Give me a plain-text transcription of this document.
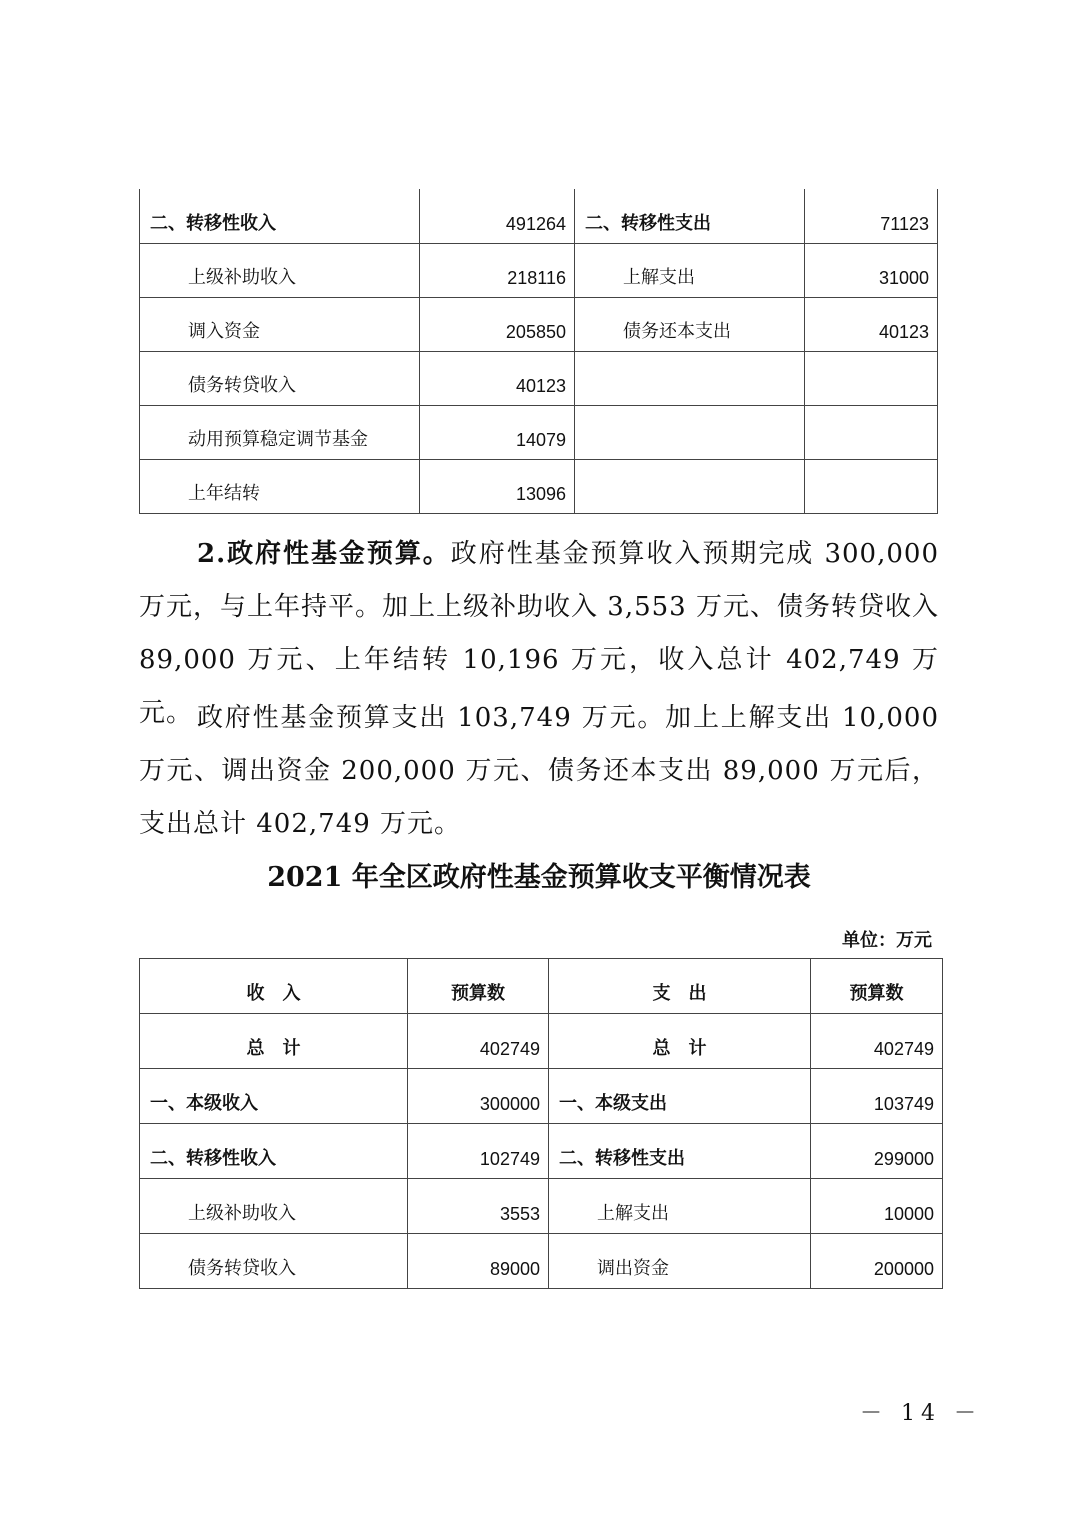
二、转移性收入	491264	二、转移性支出	71123
上级补助收入	218116	上解支出	31000
调入资金	205850	债务还本支出	40123
债务转贷收入	40123		
动用预算稳定调节基金	14079		
上年结转	13096		

2.政府性基金预算。政府性基金预算收入预期完成 300,000 万元，与上年持平。加上上级补助收入 3,553 万元、债务转贷收入 89,000 万元、上年结转 10,196 万元，收入总计 402,749 万元。 政府性基金预算支出 103,749 万元。加上上解支出 10,000 万元、调出资金 200,000 万元、债务还本支出 89,000 万元后，支出总计 402,749 万元。

2021 年全区政府性基金预算收支平衡情况表
单位：万元
收　入	预算数	支　出	预算数
总　计	402749	总　计	402749
一、本级收入	300000	一、本级支出	103749
二、转移性收入	102749	二、转移性支出	299000
上级补助收入	3553	上解支出	10000
债务转贷收入	89000	调出资金	200000
－ 14 －
